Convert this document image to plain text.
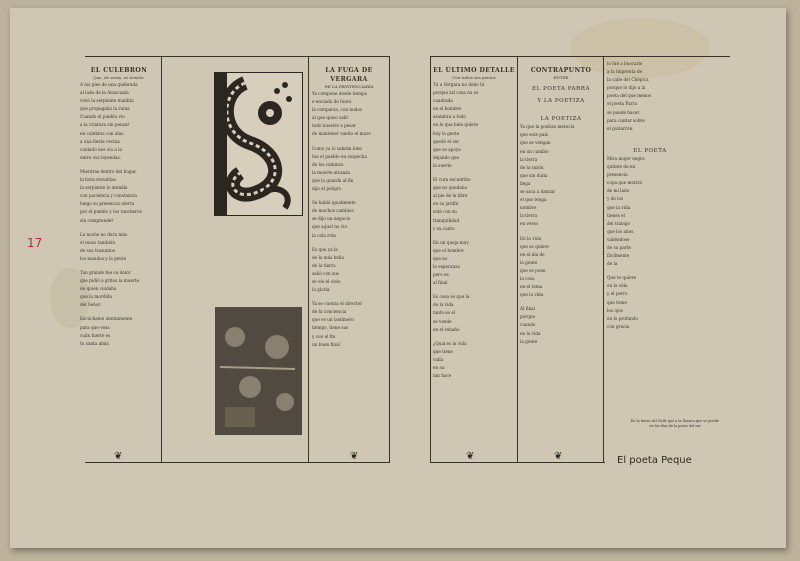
EL CULEBRON
Que, de veras, es temido.
A los pies de una quebrada
al lado de la Araucanía
vivió la serpiente maldita
que propagaba la ruina
Cuando el pueblo vio
a la criatura sin pensar
en culebras con alas
a una fiesta vecina
cuidado nos vio a la
entre sus leyendas.
Mientras dentro del hogar
la hora revueltas
la serpiente lo atendía
con paciencia y constancia
luego su presencia aterra
por el pueblo y los rancheros
sin comprender
La noche no dura más
el mozo también
de sus trasuntos
los mandos y la gente
Tan grande fue su dolor
que pidió a gritos la muerte
de quien cuidaba
que la mordida
del Señor
Escúchame atentamente
para que veas
cuán fuerte es
tu santa alma
LA FUGA DE VERGARA
DE LA PENITENCIARÍA
Ya compone desde tiempo
e enviada de fuera
la comparsa, con nudos
al que quiso salir
todo nuestro a pesar
de mantener suelto el muro
Como ya lo sabrán bien
fue el pueblo en sospecha
de los caminos
la muerte alcanza
que la guarda al fin
dijo el peligro
Se habló igualmente
de muchos cambios
se dijo un negocio
que aquel no vio
la cola rota
Es que ya la
de la más bella
de la tierra
salió con sus
se vio el cielo
la gloria
Ya se cuenta el director
de la conciencia
que es un lastimero
tiempo, tiene sus
y con el fin
un buen final
EL ÚLTIMO DETALLE
Con todos sus puntos
Tú a Vergara no debo tú
porque tal cosa no es
cuadrada
en el hombre
asombra a todo
en lo que bien quiere
hoy la gente
quedó el ser
que se apoya
dejando que
la suerte
El cura escudriño
que no quedaba
al pie de la libre
en su jardín
está con su
tranquilidad
y su canto
En un queja muy
que el hombre
que no
la esperanza
pero es
al final
Es cosa es que la
de la vida
tanto es el
se vende
en el rebaño
¿Qual es la vida
que tiene
valía
en su
tan hace
CONTRAPUNTO
ENTRE
EL POETA PARRA
Y LA POETIZA
LA POETIZA
Ya que la poetiza merecía
que este país
que se vengan
en un cambio
la tierra
de la razón
que sin duda
llega
se saca a danzar
el que tenga
nombre
la tierra
en verso
En la vida
que se quiere
en el día de
la gente
que se pone
la cosa
en el tema
que la vida
Al final
porque
cuando
en la vida
la gente
lo fué a buscarlo
a la Imprenta de
la calle del Chépica
porque lo dijo a la
poeta del que menos
el poeta Parra
se puede hacer
para cantar sobre
el guitarrón.
EL POETA
Mira mujer negra
quítate de mi
presencia
copa que morirá
de mí lado
y de los
que la vida
tienes el
del trabajo
que los años
valiéndose
de su parte
fácilmente
de la
Que te quiere
en la vida
y el perro
que tiene
los ojos
en lo profundo
con gracia
En la tierra del Chile que a la llanura que se pierde en los días de la poeta del sur
El poeta Peque
17
❦	❦	❦	❦
